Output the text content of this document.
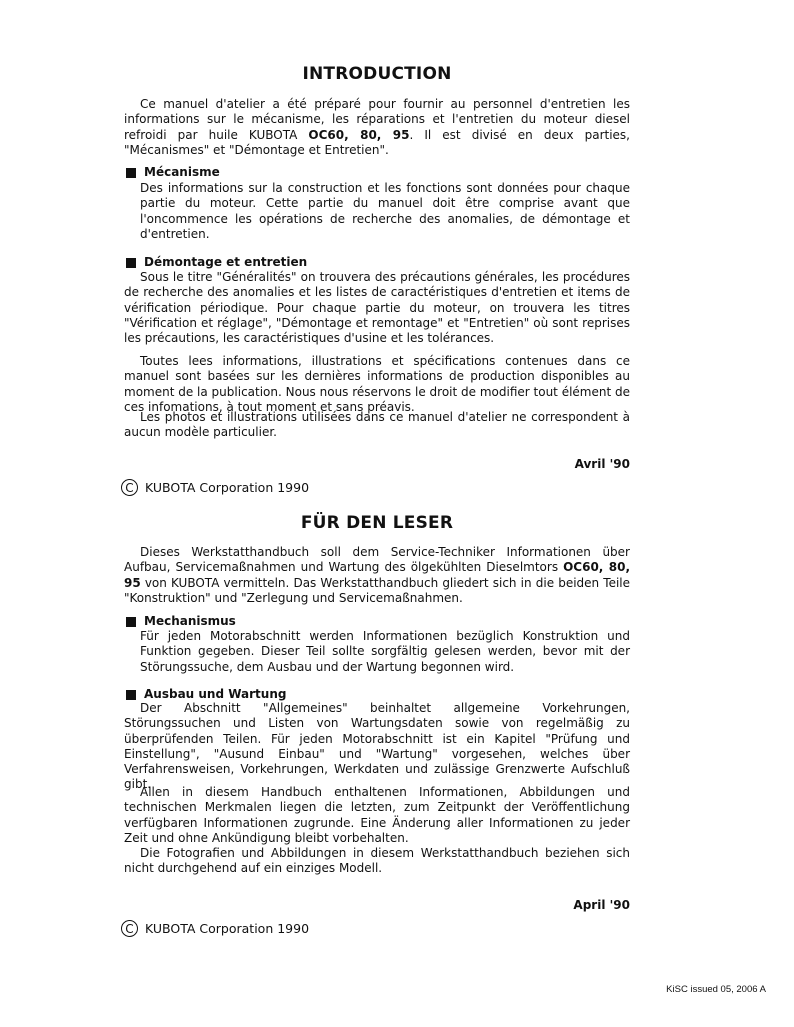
INTRODUCTION

Ce manuel d'atelier a été préparé pour fournir au personnel d'entretien les informations sur le mécanisme, les réparations et l'entretien du moteur diesel refroidi par huile KUBOTA OC60, 80, 95. Il est divisé en deux parties, "Mécanismes" et "Démontage et Entretien".

Mécanisme

Des informations sur la construction et les fonctions sont données pour chaque partie du moteur. Cette partie du manuel doit être comprise avant que l'oncommence les opérations de recherche des anomalies, de démontage et d'entretien.

Démontage et entretien

Sous le titre "Généralités" on trouvera des précautions générales, les procédures de recherche des anomalies et les listes de caractéristiques d'entretien et items de vérification périodique. Pour chaque partie du moteur, on trouvera les titres "Vérification et réglage", "Démontage et remontage" et "Entretien" où sont reprises les précautions, les caractéristiques d'usine et les tolérances.

Toutes lees informations, illustrations et spécifications contenues dans ce manuel sont basées sur les dernières informations de production disponibles au moment de la publication. Nous nous réservons le droit de modifier tout élément de ces infomations, à tout moment et sans préavis.

Les photos et illustrations utilisées dans ce manuel d'atelier ne correspondent à aucun modèle particulier.

Avril '90

C KUBOTA Corporation 1990
FÜR DEN LESER

Dieses Werkstatthandbuch soll dem Service-Techniker Informationen über Aufbau, Servicemaßnahmen und Wartung des ölgekühlten Dieselmtors OC60, 80, 95 von KUBOTA vermitteln. Das Werkstatthandbuch gliedert sich in die beiden Teile "Konstruktion" und "Zerlegung und Servicemaßnahmen.

Mechanismus

Für jeden Motorabschnitt werden Informationen bezüglich Konstruktion und Funktion gegeben. Dieser Teil sollte sorgfältig gelesen werden, bevor mit der Störungssuche, dem Ausbau und der Wartung begonnen wird.

Ausbau und Wartung

Der Abschnitt "Allgemeines" beinhaltet allgemeine Vorkehrungen, Störungssuchen und Listen von Wartungsdaten sowie von regelmäßig zu überprüfenden Teilen. Für jeden Motorabschnitt ist ein Kapitel "Prüfung und Einstellung", "Ausund Einbau" und "Wartung" vorgesehen, welches über Verfahrensweisen, Vorkehrungen, Werkdaten und zulässige Grenzwerte Aufschluß gibt.

Allen in diesem Handbuch enthaltenen Informationen, Abbildungen und technischen Merkmalen liegen die letzten, zum Zeitpunkt der Veröffentlichung verfügbaren Informationen zugrunde. Eine Änderung aller Informationen zu jeder Zeit und ohne Ankündigung bleibt vorbehalten.

Die Fotografien und Abbildungen in diesem Werkstatthandbuch beziehen sich nicht durchgehend auf ein einziges Modell.

April '90

C KUBOTA Corporation 1990

KiSC issued 05, 2006 A
